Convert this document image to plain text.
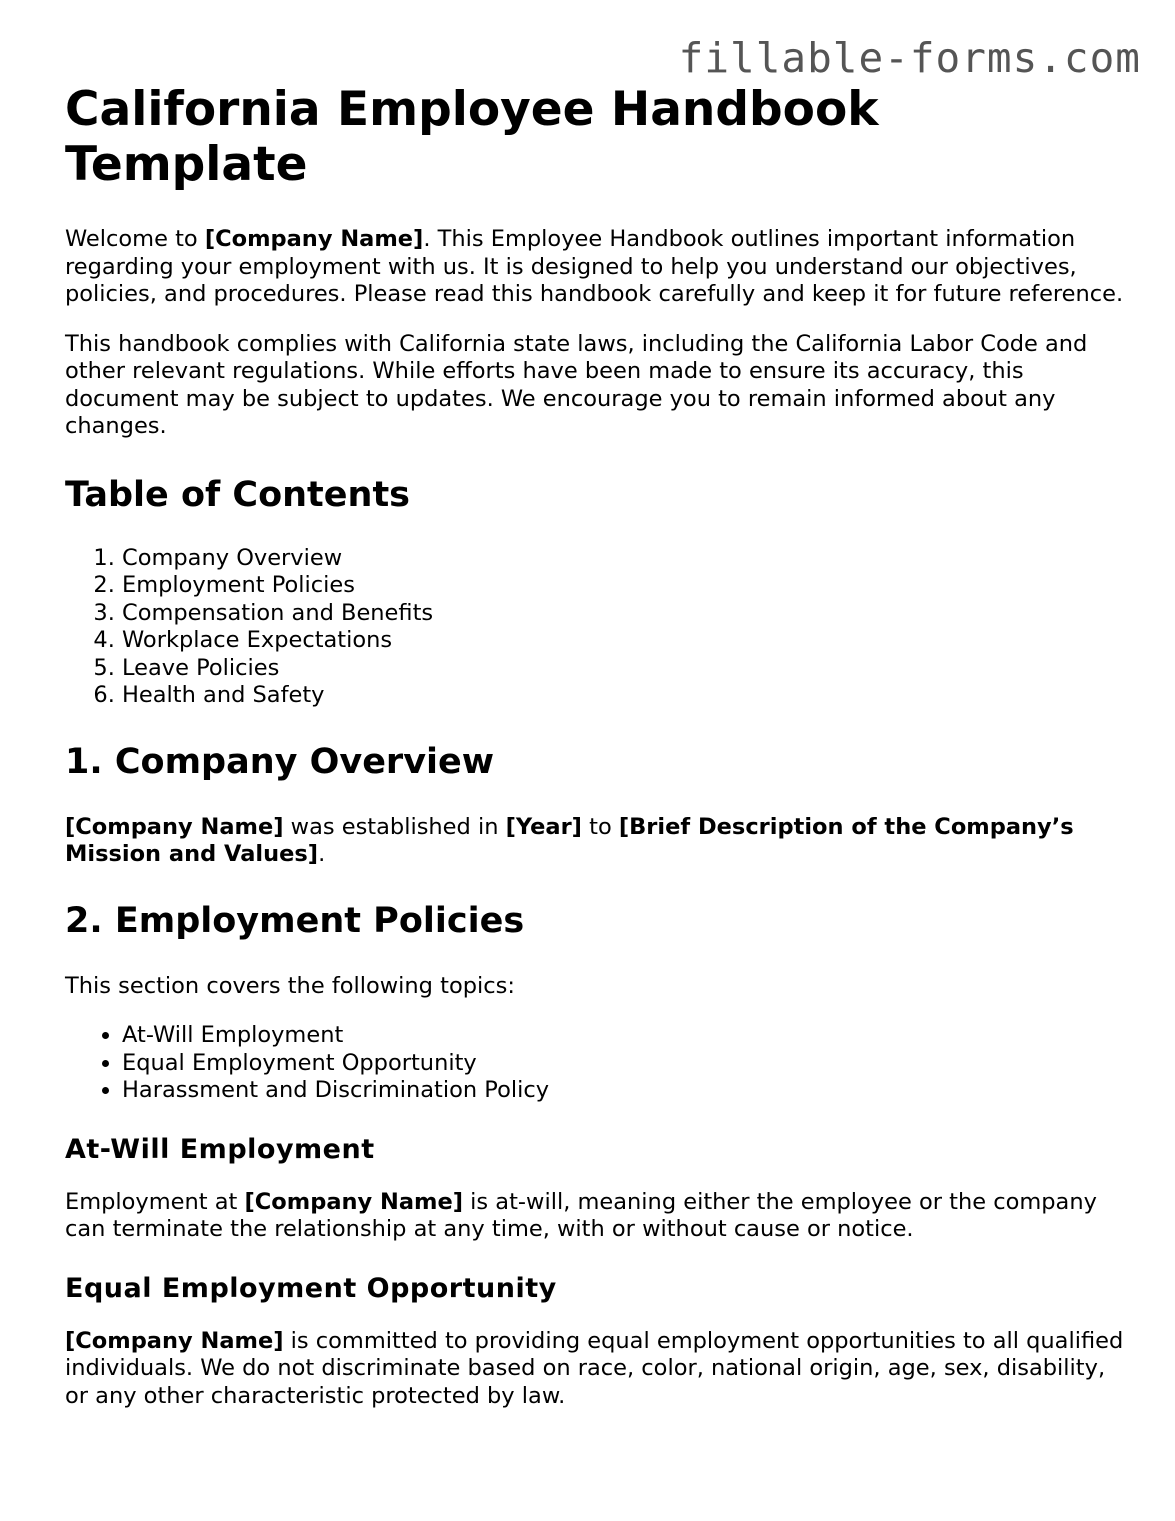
fillable-forms.com
California Employee Handbook
Template

Welcome to [Company Name]. This Employee Handbook outlines important information regarding your employment with us. It is designed to help you understand our objectives, policies, and procedures. Please read this handbook carefully and keep it for future reference.

This handbook complies with California state laws, including the California Labor Code and other relevant regulations. While efforts have been made to ensure its accuracy, this document may be subject to updates. We encourage you to remain informed about any changes.

Table of Contents
1. Company Overview
2. Employment Policies
3. Compensation and Benefits
4. Workplace Expectations
5. Leave Policies
6. Health and Safety
1. Company Overview

[Company Name] was established in [Year] to [Brief Description of the Company’s Mission and Values].

2. Employment Policies

This section covers the following topics:

• At-Will Employment
• Equal Employment Opportunity
• Harassment and Discrimination Policy
At-Will Employment

Employment at [Company Name] is at-will, meaning either the employee or the company can terminate the relationship at any time, with or without cause or notice.

Equal Employment Opportunity

[Company Name] is committed to providing equal employment opportunities to all qualified individuals. We do not discriminate based on race, color, national origin, age, sex, disability, or any other characteristic protected by law.
